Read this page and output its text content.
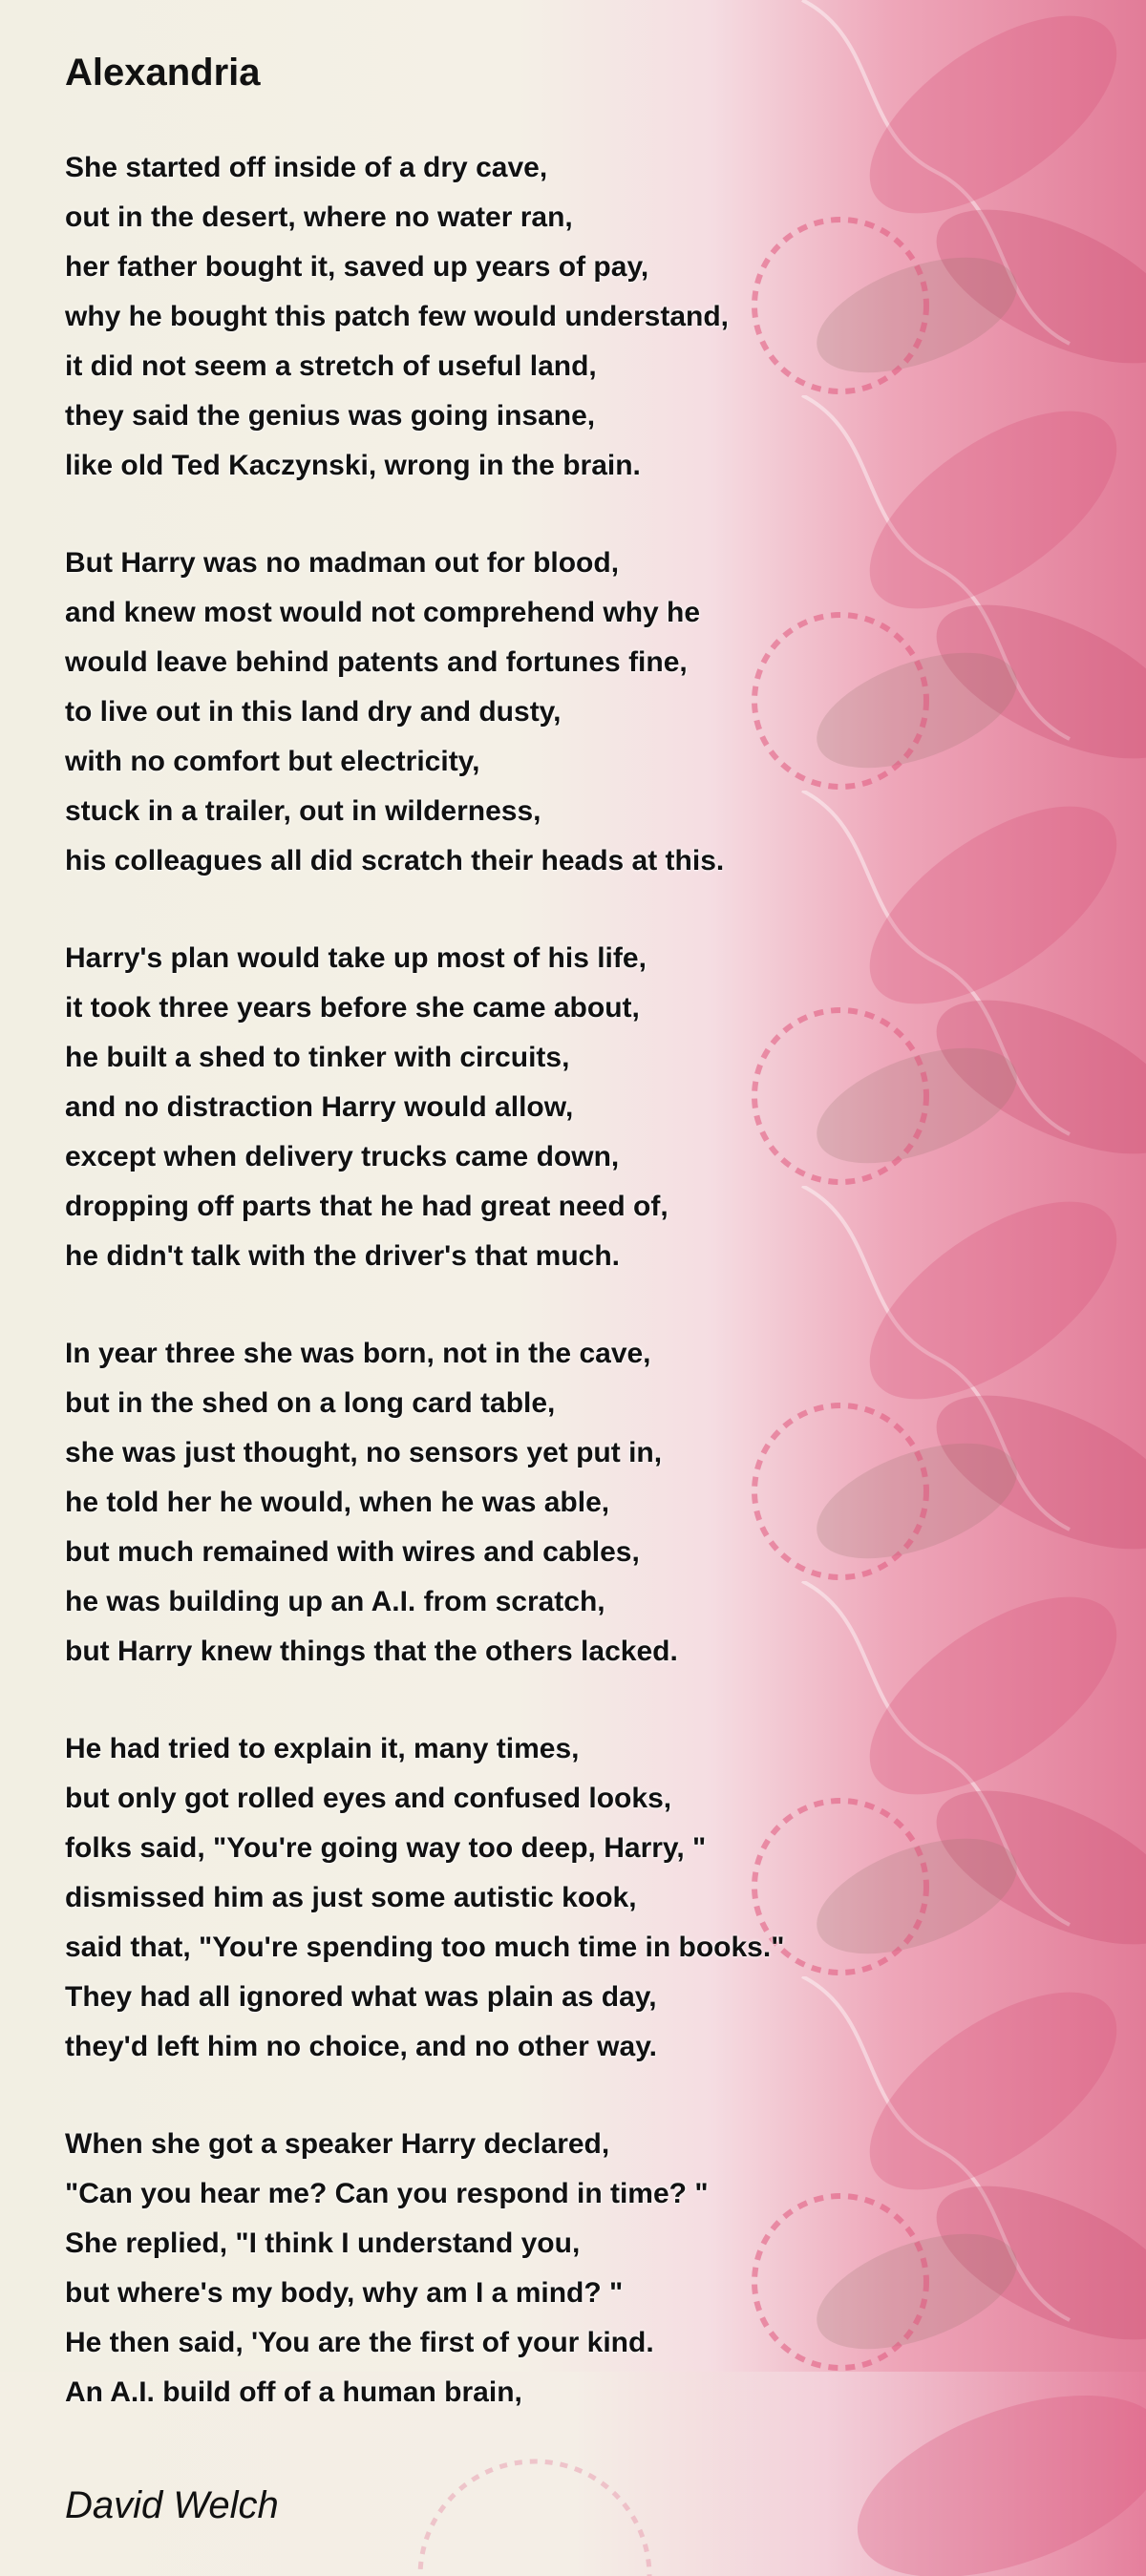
Alexandria
She started off inside of a dry cave,
out in the desert, where no water ran,
her father bought it, saved up years of pay,
why he bought this patch few would understand,
it did not seem a stretch of useful land,
they said the genius was going insane,
like old Ted Kaczynski, wrong in the brain.
But Harry was no madman out for blood,
and knew most would not comprehend why he
would leave behind patents and fortunes fine,
to live out in this land dry and dusty,
with no comfort but electricity,
stuck in a trailer, out in wilderness,
his colleagues all did scratch their heads at this.
Harry's plan would take up most of his life,
it took three years before she came about,
he built a shed to tinker with circuits,
and no distraction Harry would allow,
except when delivery trucks came down,
dropping off parts that he had great need of,
he didn't talk with the driver's that much.
In year three she was born, not in the cave,
but in the shed on a long card table,
she was just thought, no sensors yet put in,
he told her he would, when he was able,
but much remained with wires and cables,
he was building up an A.I. from scratch,
but Harry knew things that the others lacked.
He had tried to explain it, many times,
but only got rolled eyes and confused looks,
folks said, "You're going way too deep, Harry, "
dismissed him as just some autistic kook,
said that, "You're spending too much time in books."
They had all ignored what was plain as day,
they'd left him no choice, and no other way.
When she got a speaker Harry declared,
"Can you hear me? Can you respond in time? "
She replied, "I think I understand you,
but where's my body, why am I a mind? "
He then said, 'You are the first of your kind.
An A.I. build off of a human brain,
David Welch
